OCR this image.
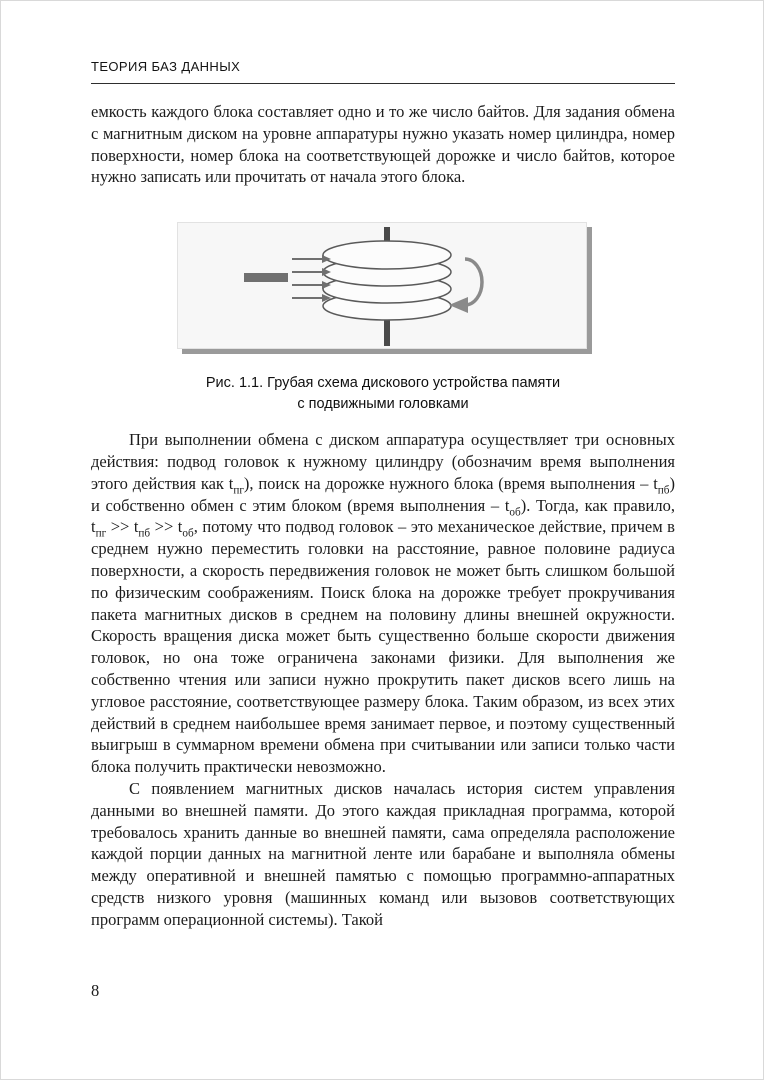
ТЕОРИЯ БАЗ ДАННЫХ

емкость каждого блока составляет одно и то же число байтов. Для задания обмена с магнитным диском на уровне аппаратуры нужно указать номер цилиндра, номер поверхности, номер блока на соответствующей дорожке и число байтов, которое нужно записать или прочитать от начала этого блока.

Рис. 1.1. Грубая схема дискового устройства памяти
с подвижными головками

При выполнении обмена с диском аппаратура осуществляет три основных действия: подвод головок к нужному цилиндру (обозначим время выполнения этого действия как $t_{пг}$), поиск на дорожке нужного блока (время выполнения – $t_{пб}$) и собственно обмен с этим блоком (время выполнения – $t_{об}$). Тогда, как правило, $t_{пг} >> t_{пб} >> t_{об}$, потому что подвод головок – это механическое действие, причем в среднем нужно переместить головки на расстояние, равное половине радиуса поверхности, а скорость передвижения головок не может быть слишком большой по физическим соображениям. Поиск блока на дорожке требует прокручивания пакета магнитных дисков в среднем на половину длины внешней окружности. Скорость вращения диска может быть существенно больше скорости движения головок, но она тоже ограничена законами физики. Для выполнения же собственно чтения или записи нужно прокрутить пакет дисков всего лишь на угловое расстояние, соответствующее размеру блока. Таким образом, из всех этих действий в среднем наибольшее время занимает первое, и поэтому существенный выигрыш в суммарном времени обмена при считывании или записи только части блока получить практически невозможно.

С появлением магнитных дисков началась история систем управления данными во внешней памяти. До этого каждая прикладная программа, которой требовалось хранить данные во внешней памяти, сама определяла расположение каждой порции данных на магнитной ленте или барабане и выполняла обмены между оперативной и внешней памятью с помощью программно-аппаратных средств низкого уровня (машинных команд или вызовов соответствующих программ операционной системы). Такой

8
